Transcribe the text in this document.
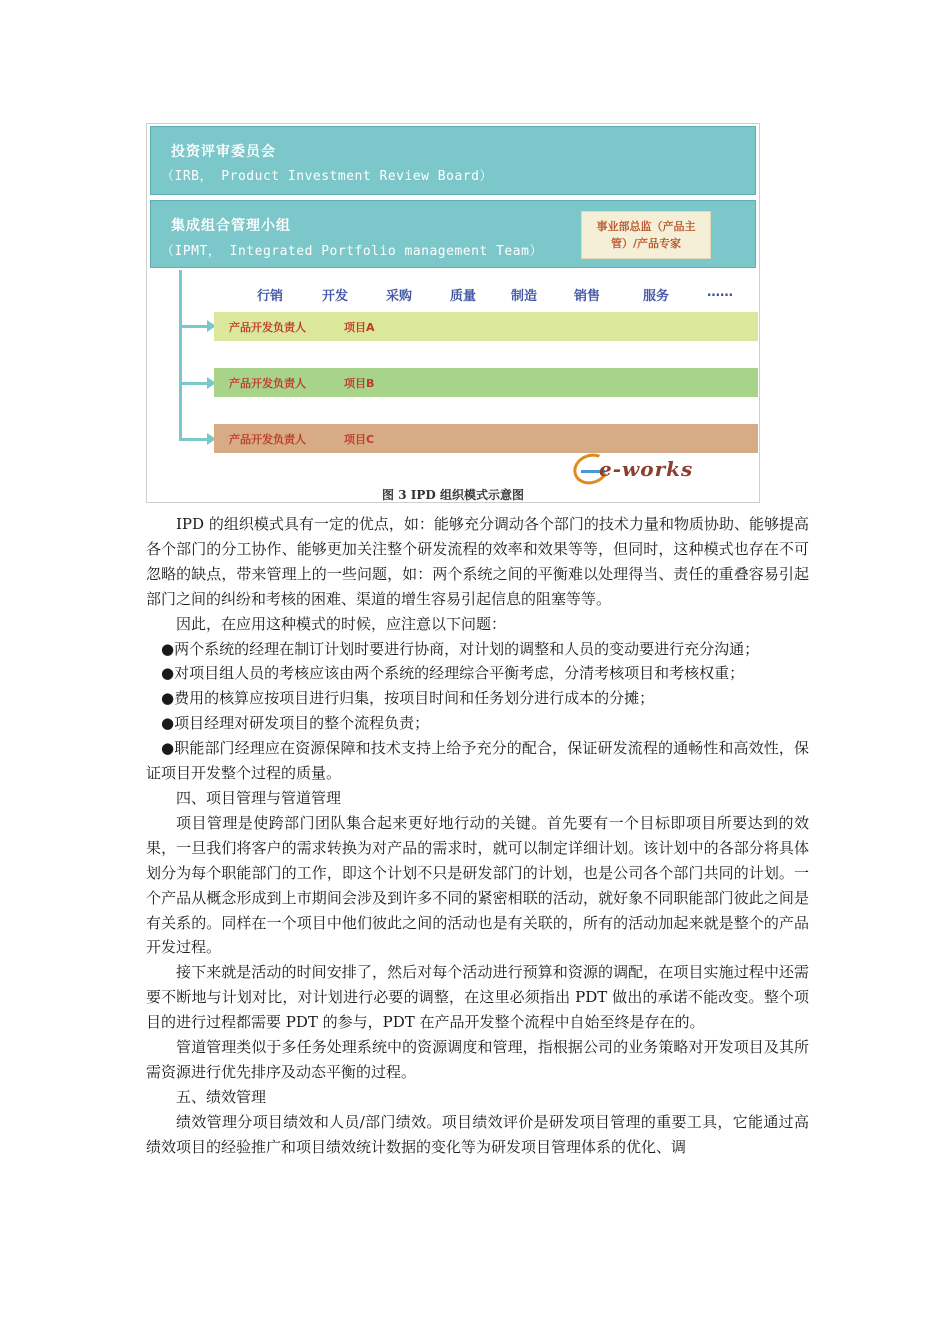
投资评审委员会
（IRB， Product Investment Review Board）
集成组合管理小组
（IPMT， Integrated Portfolio management Team）
事业部总监（产品主
管）/产品专家
行销	开发	采购	质量	制造	销售	服务	……
产品开发负责人	项目A
产品开发负责人	项目B
产品开发负责人	项目C
e-works
图 3 IPD 组织模式示意图

IPD 的组织模式具有一定的优点，如：能够充分调动各个部门的技术力量和物质协助、能够提高各个部门的分工协作、能够更加关注整个研发流程的效率和效果等等，但同时，这种模式也存在不可忽略的缺点，带来管理上的一些问题，如：两个系统之间的平衡难以处理得当、责任的重叠容易引起部门之间的纠纷和考核的困难、渠道的增生容易引起信息的阻塞等等。

因此，在应用这种模式的时候，应注意以下问题：

●两个系统的经理在制订计划时要进行协商，对计划的调整和人员的变动要进行充分沟通；

●对项目组人员的考核应该由两个系统的经理综合平衡考虑，分清考核项目和考核权重；

●费用的核算应按项目进行归集，按项目时间和任务划分进行成本的分摊；

●项目经理对研发项目的整个流程负责；

●职能部门经理应在资源保障和技术支持上给予充分的配合，保证研发流程的通畅性和高效性，保证项目开发整个过程的质量。

四、项目管理与管道管理

项目管理是使跨部门团队集合起来更好地行动的关键。首先要有一个目标即项目所要达到的效果，一旦我们将客户的需求转换为对产品的需求时，就可以制定详细计划。该计划中的各部分将具体划分为每个职能部门的工作，即这个计划不只是研发部门的计划，也是公司各个部门共同的计划。一个产品从概念形成到上市期间会涉及到许多不同的紧密相联的活动，就好象不同职能部门彼此之间是有关系的。同样在一个项目中他们彼此之间的活动也是有关联的，所有的活动加起来就是整个的产品开发过程。

接下来就是活动的时间安排了，然后对每个活动进行预算和资源的调配，在项目实施过程中还需要不断地与计划对比，对计划进行必要的调整，在这里必须指出 PDT 做出的承诺不能改变。整个项目的进行过程都需要 PDT 的参与，PDT 在产品开发整个流程中自始至终是存在的。

管道管理类似于多任务处理系统中的资源调度和管理，指根据公司的业务策略对开发项目及其所需资源进行优先排序及动态平衡的过程。

五、绩效管理

绩效管理分项目绩效和人员/部门绩效。项目绩效评价是研发项目管理的重要工具，它能通过高绩效项目的经验推广和项目绩效统计数据的变化等为研发项目管理体系的优化、调
